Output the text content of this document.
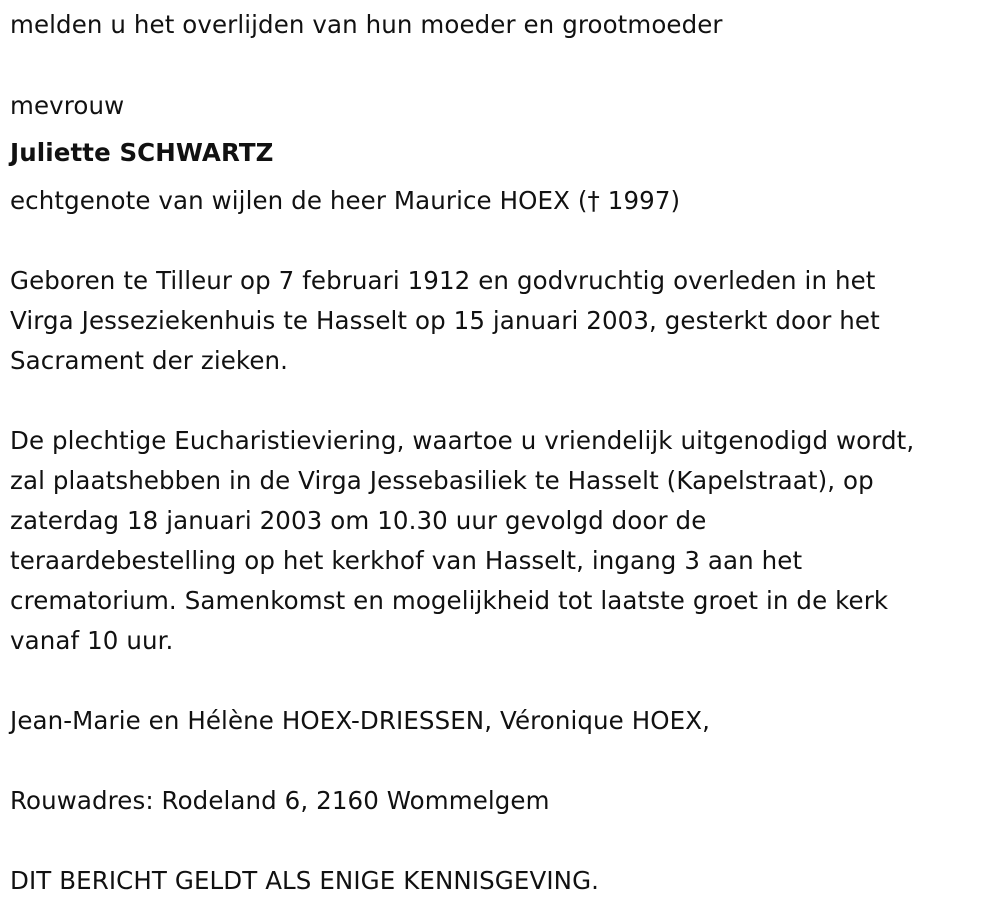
melden u het overlijden van hun moeder en grootmoeder
mevrouw
Juliette SCHWARTZ
echtgenote van wijlen de heer Maurice HOEX († 1997)
Geboren te Tilleur op 7 februari 1912 en godvruchtig overleden in het
Virga Jesseziekenhuis te Hasselt op 15 januari 2003, gesterkt door het
Sacrament der zieken.
De plechtige Eucharistieviering, waartoe u vriendelijk uitgenodigd wordt,
zal plaatshebben in de Virga Jessebasiliek te Hasselt (Kapelstraat), op
zaterdag 18 januari 2003 om 10.30 uur gevolgd door de
teraardebestelling op het kerkhof van Hasselt, ingang 3 aan het
crematorium. Samenkomst en mogelijkheid tot laatste groet in de kerk
vanaf 10 uur.
Jean-Marie en Hélène HOEX-DRIESSEN, Véronique HOEX,
Rouwadres: Rodeland 6, 2160 Wommelgem
DIT BERICHT GELDT ALS ENIGE KENNISGEVING.
